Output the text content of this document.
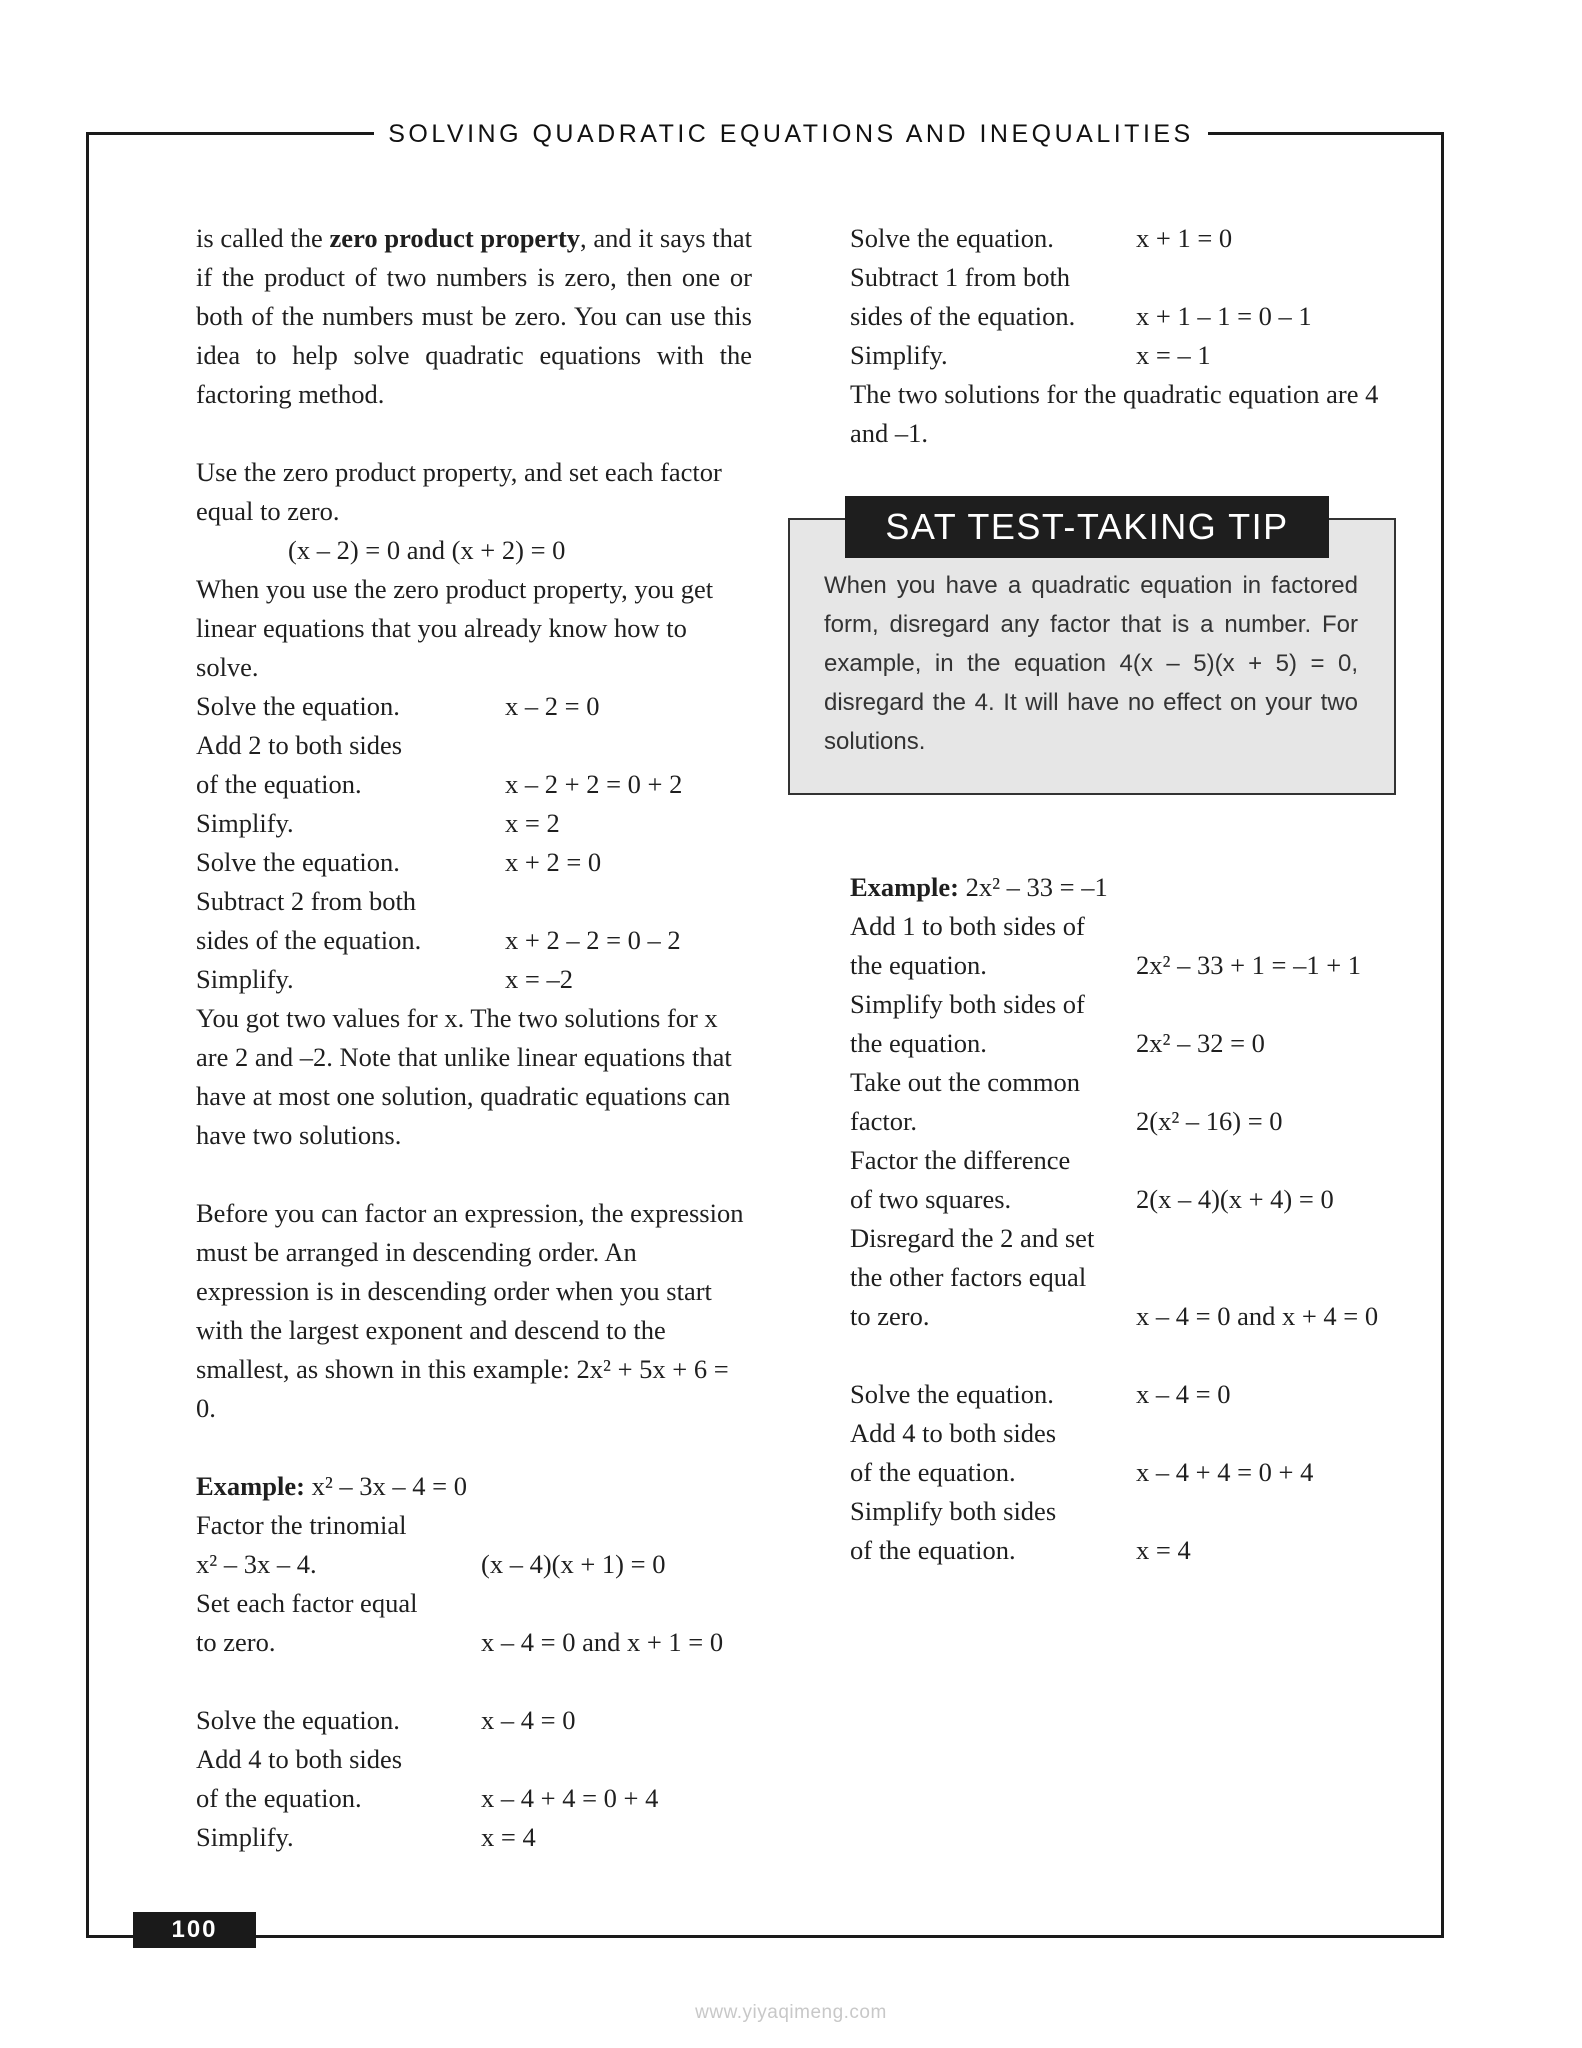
SOLVING QUADRATIC EQUATIONS AND INEQUALITIES

is called the zero product property, and it says that if the product of two numbers is zero, then one or both of the numbers must be zero. You can use this idea to help solve quadratic equations with the factoring method.

Use the zero product property, and set each factor equal to zero.

(x – 2) = 0 and (x + 2) = 0

When you use the zero product property, you get linear equations that you already know how to solve.

Solve the equation.	x – 2 = 0
Add 2 to both sides
of the equation.	x – 2 + 2 = 0 + 2
Simplify.	x = 2
Solve the equation.	x + 2 = 0
Subtract 2 from both
sides of the equation.	x + 2 – 2 = 0 – 2
Simplify.	x = –2

You got two values for x. The two solutions for x are 2 and –2. Note that unlike linear equations that have at most one solution, quadratic equations can have two solutions.

Before you can factor an expression, the expression must be arranged in descending order. An expression is in descending order when you start with the largest exponent and descend to the smallest, as shown in this example: 2x² + 5x + 6 = 0.

Example: x² – 3x – 4 = 0

Factor the trinomial
x² – 3x – 4.	(x – 4)(x + 1) = 0
Set each factor equal
to zero.	x – 4 = 0 and x + 1 = 0
Solve the equation.	x – 4 = 0
Add 4 to both sides
of the equation.	x – 4 + 4 = 0 + 4
Simplify.	x = 4
Solve the equation.	x + 1 = 0
Subtract 1 from both
sides of the equation.	x + 1 – 1 = 0 – 1
Simplify.	x = – 1

The two solutions for the quadratic equation are 4 and –1.

Example: 2x² – 33 = –1

Add 1 to both sides of
the equation.	2x² – 33 + 1 = –1 + 1
Simplify both sides of
the equation.	2x² – 32 = 0
Take out the common
factor.	2(x² – 16) = 0
Factor the difference
of two squares.	2(x – 4)(x + 4) = 0
Disregard the 2 and set
the other factors equal
to zero.	x – 4 = 0 and x + 4 = 0
Solve the equation.	x – 4 = 0
Add 4 to both sides
of the equation.	x – 4 + 4 = 0 + 4
Simplify both sides
of the equation.	x = 4
SAT TEST-TAKING TIP
When you have a quadratic equation in factored form, disregard any factor that is a number. For example, in the equation 4(x – 5)(x + 5) = 0, disregard the 4. It will have no effect on your two solutions.
100
www.yiyaqimeng.com
